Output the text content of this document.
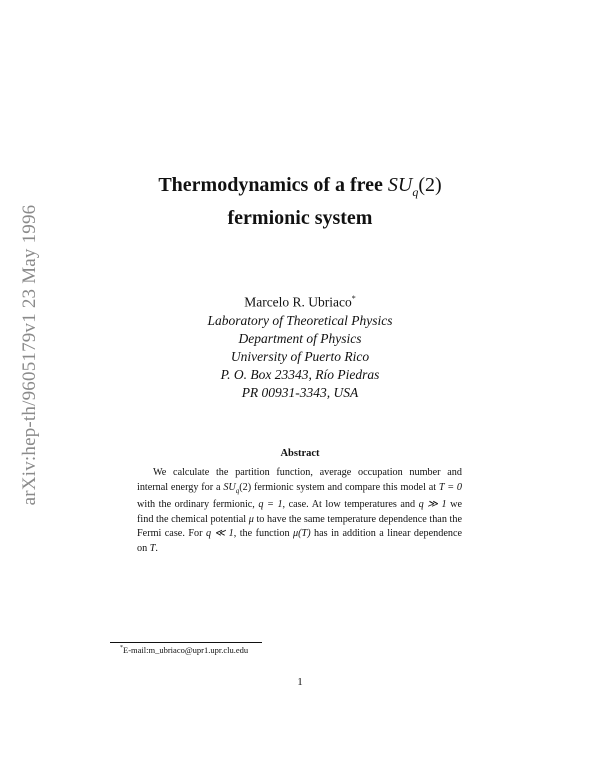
arXiv:hep-th/9605179v1 23 May 1996
Thermodynamics of a free $SU_q(2)$
fermionic system
Marcelo R. Ubriaco*
Laboratory of Theoretical Physics
Department of Physics
University of Puerto Rico
P. O. Box 23343, Río Piedras
PR 00931-3343, USA
Abstract
We calculate the partition function, average occupation number and internal energy for a $SU_q(2)$ fermionic system and compare this model at T = 0 with the ordinary fermionic, q = 1, case. At low temperatures and q ≫ 1 we find the chemical potential μ to have the same temperature dependence than the Fermi case. For q ≪ 1, the function μ(T) has in addition a linear dependence on T.
*E-mail:m_ubriaco@upr1.upr.clu.edu
1
